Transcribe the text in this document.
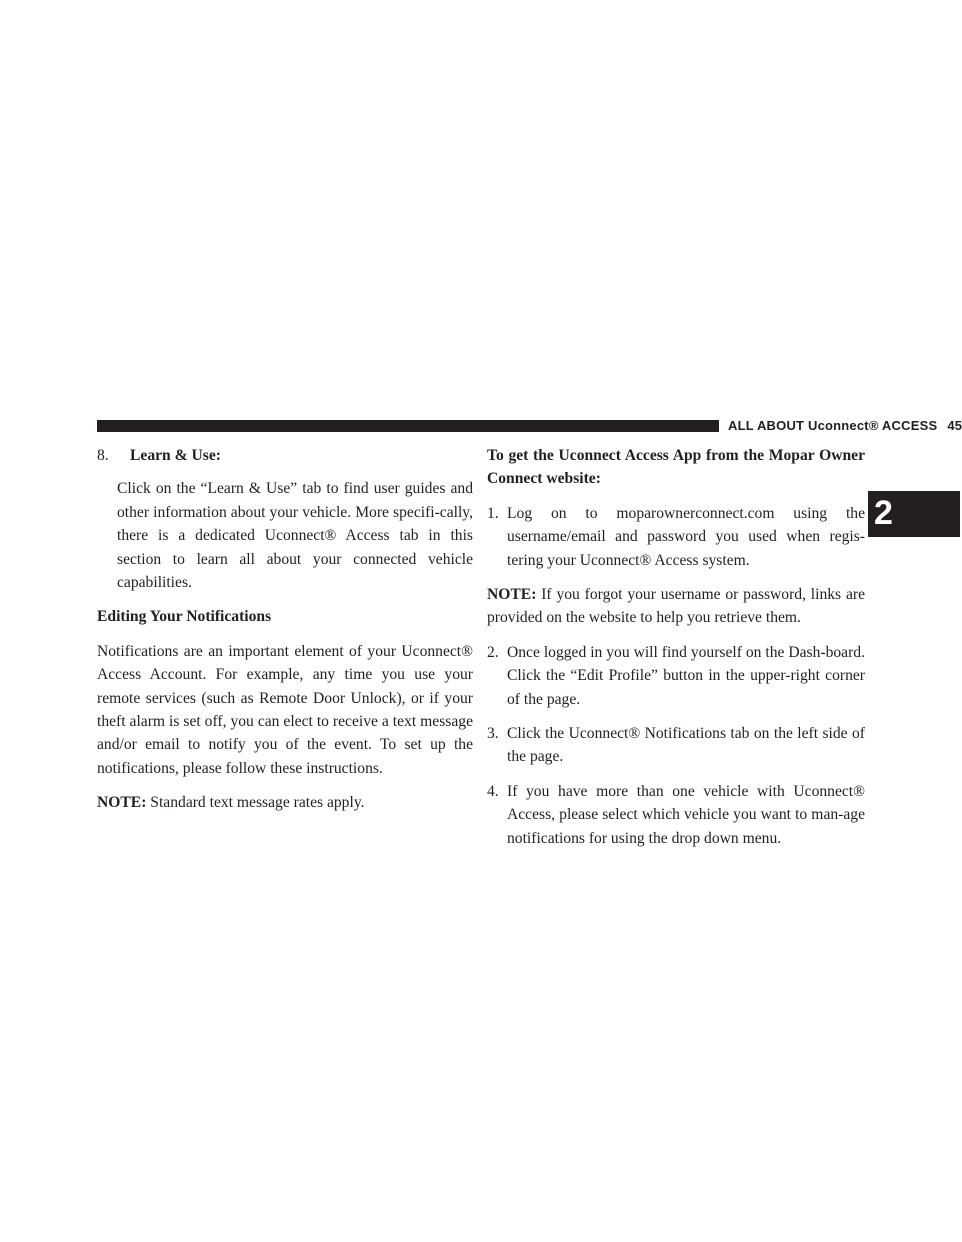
ALL ABOUT Uconnect® ACCESS 45
2

8. Learn & Use:

Click on the “Learn & Use” tab to find user guides and other information about your vehicle. More specifi-cally, there is a dedicated Uconnect® Access tab in this section to learn all about your connected vehicle capabilities.

Editing Your Notifications

Notifications are an important element of your Uconnect® Access Account. For example, any time you use your remote services (such as Remote Door Unlock), or if your theft alarm is set off, you can elect to receive a text message and/or email to notify you of the event. To set up the notifications, please follow these instructions.

NOTE: Standard text message rates apply.

To get the Uconnect Access App from the Mopar Owner Connect website:

1. Log on to moparownerconnect.com using the username/email and password you used when regis-tering your Uconnect® Access system.

NOTE: If you forgot your username or password, links are provided on the website to help you retrieve them.

2. Once logged in you will find yourself on the Dash-board. Click the “Edit Profile” button in the upper-right corner of the page.

3. Click the Uconnect® Notifications tab on the left side of the page.

4. If you have more than one vehicle with Uconnect® Access, please select which vehicle you want to man-age notifications for using the drop down menu.
